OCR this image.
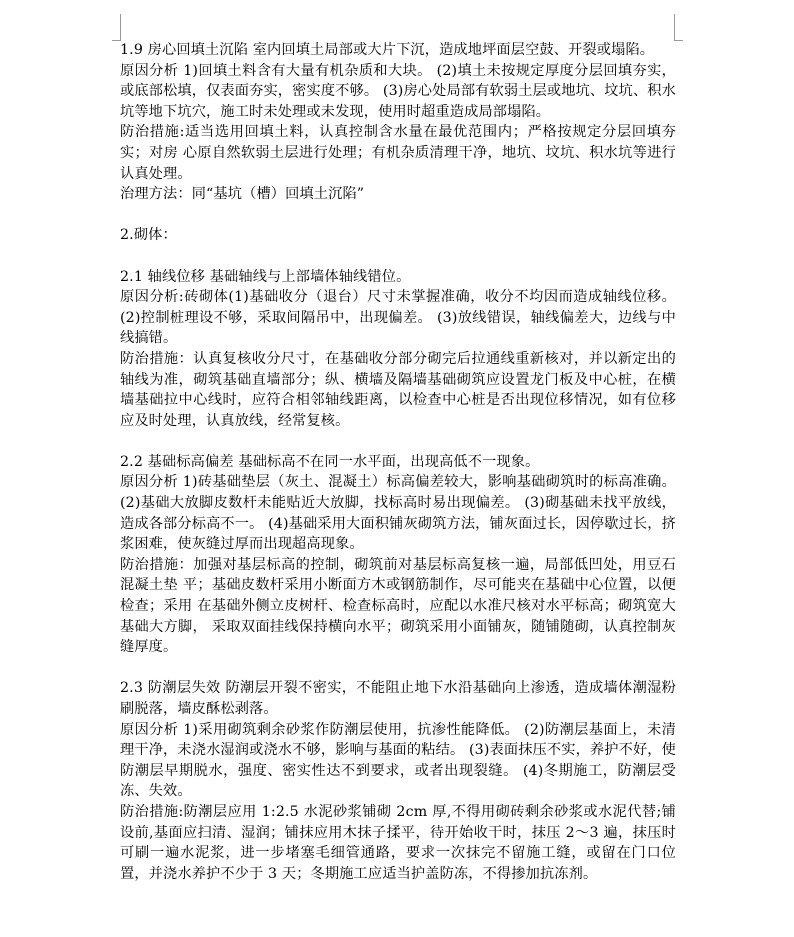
1.9 房心回填土沉陷 室内回填土局部或大片下沉，造成地坪面层空鼓、开裂或塌陷。

原因分析 1)回填土料含有大量有机杂质和大块。 (2)填土未按规定厚度分层回填夯实，或底部松填，仅表面夯实，密实度不够。 (3)房心处局部有软弱土层或地坑、坟坑、积水坑等地下坑穴，施工时未处理或未发现，使用时超重造成局部塌陷。

防治措施:适当选用回填土料，认真控制含水量在最优范围内；严格按规定分层回填夯实；对房 心原自然软弱土层进行处理；有机杂质清理干净，地坑、坟坑、积水坑等进行认真处理。

治理方法：同“基坑（槽）回填土沉陷”

2.砌体：

2.1 轴线位移 基础轴线与上部墙体轴线错位。

原因分析:砖砌体(1)基础收分（退台）尺寸未掌握准确，收分不均因而造成轴线位移。 (2)控制桩理设不够，采取间隔吊中，出现偏差。 (3)放线错误，轴线偏差大，边线与中线搞错。

防治措施：认真复核收分尺寸，在基础收分部分砌完后拉通线重新核对，并以新定出的轴线为准，砌筑基础直墙部分；纵、横墙及隔墙基础砌筑应设置龙门板及中心桩，在横墙基础拉中心线时，应符合相邻轴线距离，以检查中心桩是否出现位移情况，如有位移应及时处理，认真放线，经常复核。

2.2 基础标高偏差 基础标高不在同一水平面，出现高低不一现象。

原因分析 1)砖基础垫层（灰土、混凝土）标高偏差较大，影响基础砌筑时的标高准确。 (2)基础大放脚皮数杆未能贴近大放脚，找标高时易出现偏差。 (3)砌基础未找平放线，造成各部分标高不一。 (4)基础采用大面积铺灰砌筑方法，铺灰面过长，因停歇过长，挤浆困难，使灰缝过厚而出现超高现象。

防治措施：加强对基层标高的控制，砌筑前对基层标高复核一遍，局部低凹处，用豆石混凝土垫 平；基础皮数杆采用小断面方木或钢筋制作，尽可能夹在基础中心位置，以便检查；采用 在基础外侧立皮树杆、检查标高时，应配以水准尺核对水平标高；砌筑宽大基础大方脚， 采取双面挂线保持横向水平；砌筑采用小面铺灰，随铺随砌，认真控制灰缝厚度。

2.3 防潮层失效 防潮层开裂不密实，不能阻止地下水沿基础向上渗透，造成墙体潮湿粉刷脱落，墙皮酥松剥落。

原因分析 1)采用砌筑剩余砂浆作防潮层使用，抗渗性能降低。 (2)防潮层基面上，未清理干净，未浇水湿润或浇水不够，影响与基面的粘结。 (3)表面抹压不实，养护不好，使防潮层早期脱水，强度、密实性达不到要求，或者出现裂缝。 (4)冬期施工，防潮层受冻、失效。

防治措施:防潮层应用 1:2.5 水泥砂浆铺砌 2cm 厚,不得用砌砖剩余砂浆或水泥代替;铺设前,基面应扫清、湿润；铺抹应用木抹子揉平，待开始收干时，抹压 2～3 遍，抹压时可刷一遍水泥浆，进一步堵塞毛细管通路，要求一次抹完不留施工缝，或留在门口位置，并浇水养护不少于 3 天；冬期施工应适当护盖防冻，不得掺加抗冻剂。
